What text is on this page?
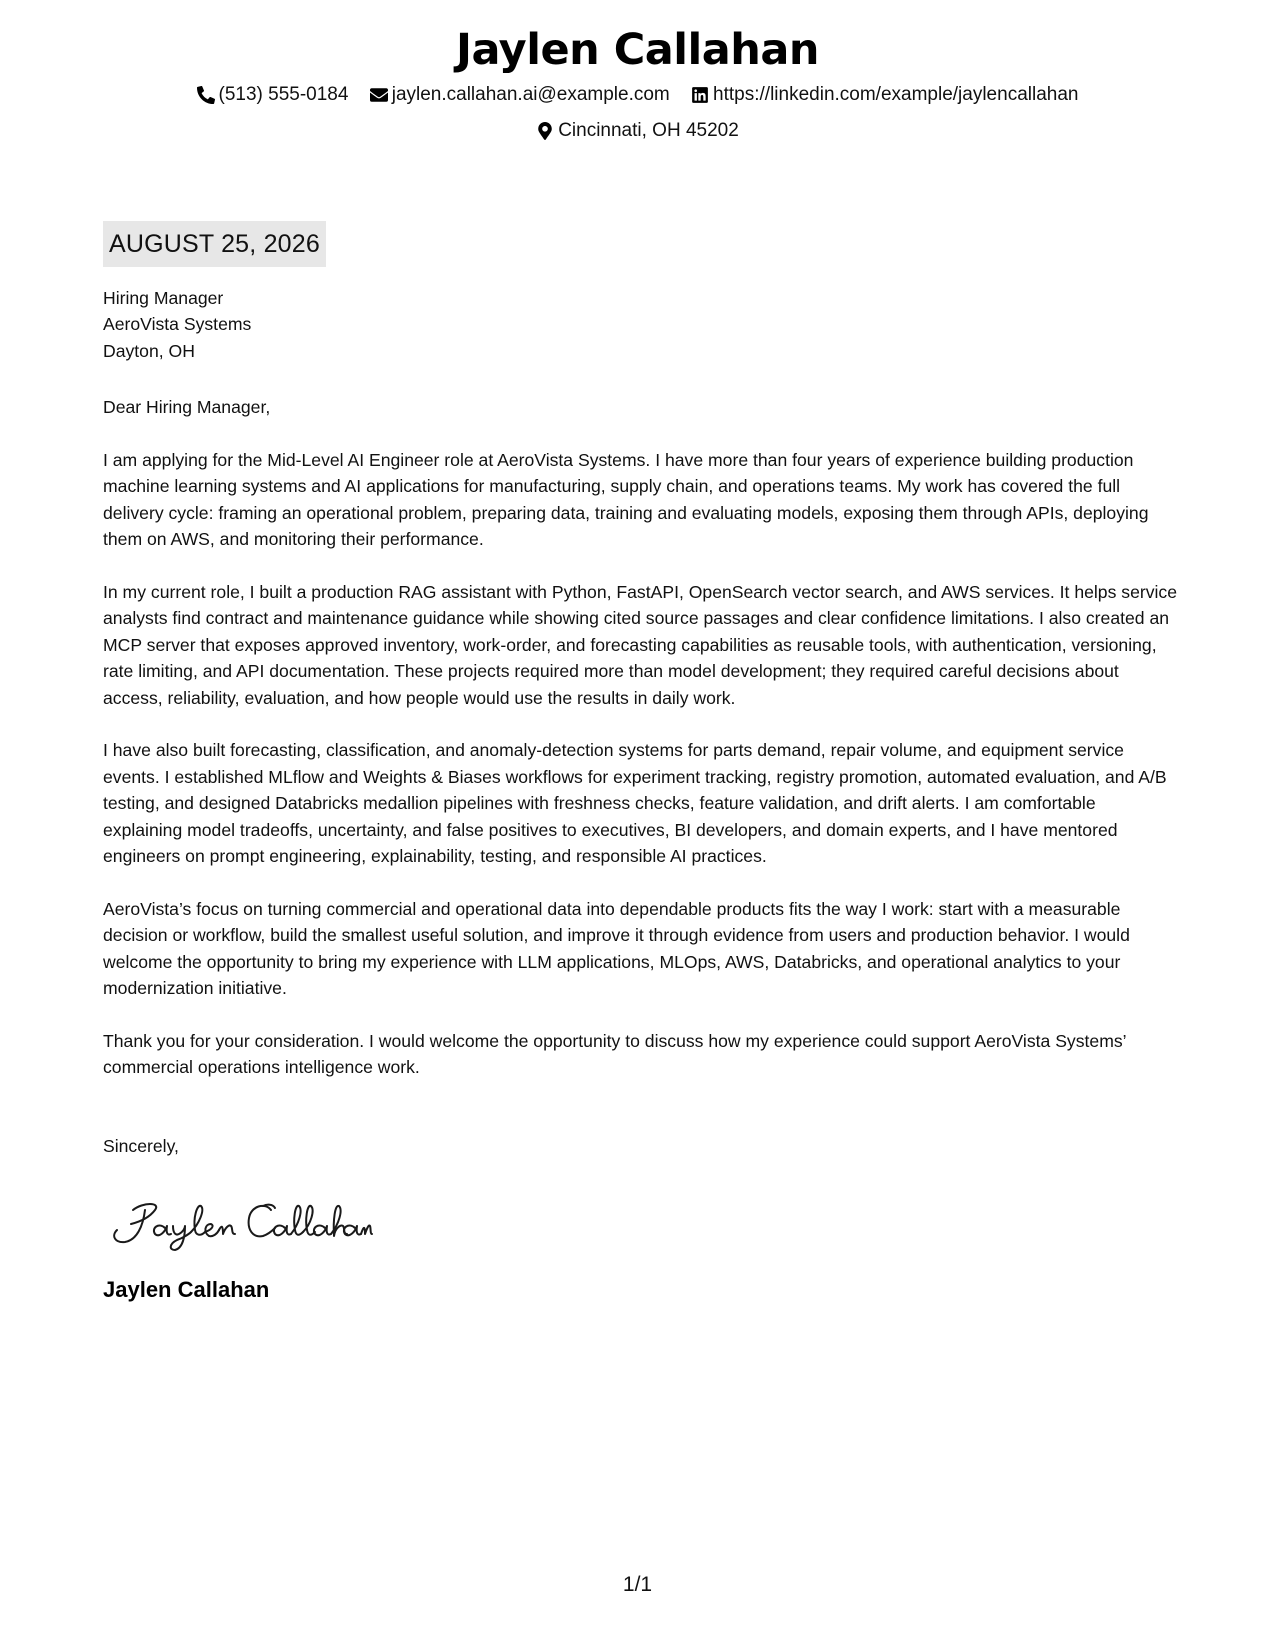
Jaylen Callahan
(513) 555-0184
jaylen.callahan.ai@example.com
https://linkedin.com/example/jaylencallahan
Cincinnati, OH 45202
AUGUST 25, 2026
Hiring Manager
AeroVista Systems
Dayton, OH
Dear Hiring Manager,

I am applying for the Mid-Level AI Engineer role at AeroVista Systems. I have more than four years of experience building production machine learning systems and AI applications for manufacturing, supply chain, and operations teams. My work has covered the full delivery cycle: framing an operational problem, preparing data, training and evaluating models, exposing them through APIs, deploying them on AWS, and monitoring their performance.

In my current role, I built a production RAG assistant with Python, FastAPI, OpenSearch vector search, and AWS services. It helps service analysts find contract and maintenance guidance while showing cited source passages and clear confidence limitations. I also created an MCP server that exposes approved inventory, work-order, and forecasting capabilities as reusable tools, with authentication, versioning, rate limiting, and API documentation. These projects required more than model development; they required careful decisions about access, reliability, evaluation, and how people would use the results in daily work.

I have also built forecasting, classification, and anomaly-detection systems for parts demand, repair volume, and equipment service events. I established MLflow and Weights & Biases workflows for experiment tracking, registry promotion, automated evaluation, and A/B testing, and designed Databricks medallion pipelines with freshness checks, feature validation, and drift alerts. I am comfortable explaining model tradeoffs, uncertainty, and false positives to executives, BI developers, and domain experts, and I have mentored engineers on prompt engineering, explainability, testing, and responsible AI practices.

AeroVista’s focus on turning commercial and operational data into dependable products fits the way I work: start with a measurable decision or workflow, build the smallest useful solution, and improve it through evidence from users and production behavior. I would welcome the opportunity to bring my experience with LLM applications, MLOps, AWS, Databricks, and operational analytics to your modernization initiative.

Thank you for your consideration. I would welcome the opportunity to discuss how my experience could support AeroVista Systems’ commercial operations intelligence work.

Sincerely,
Jaylen Callahan
1/1
